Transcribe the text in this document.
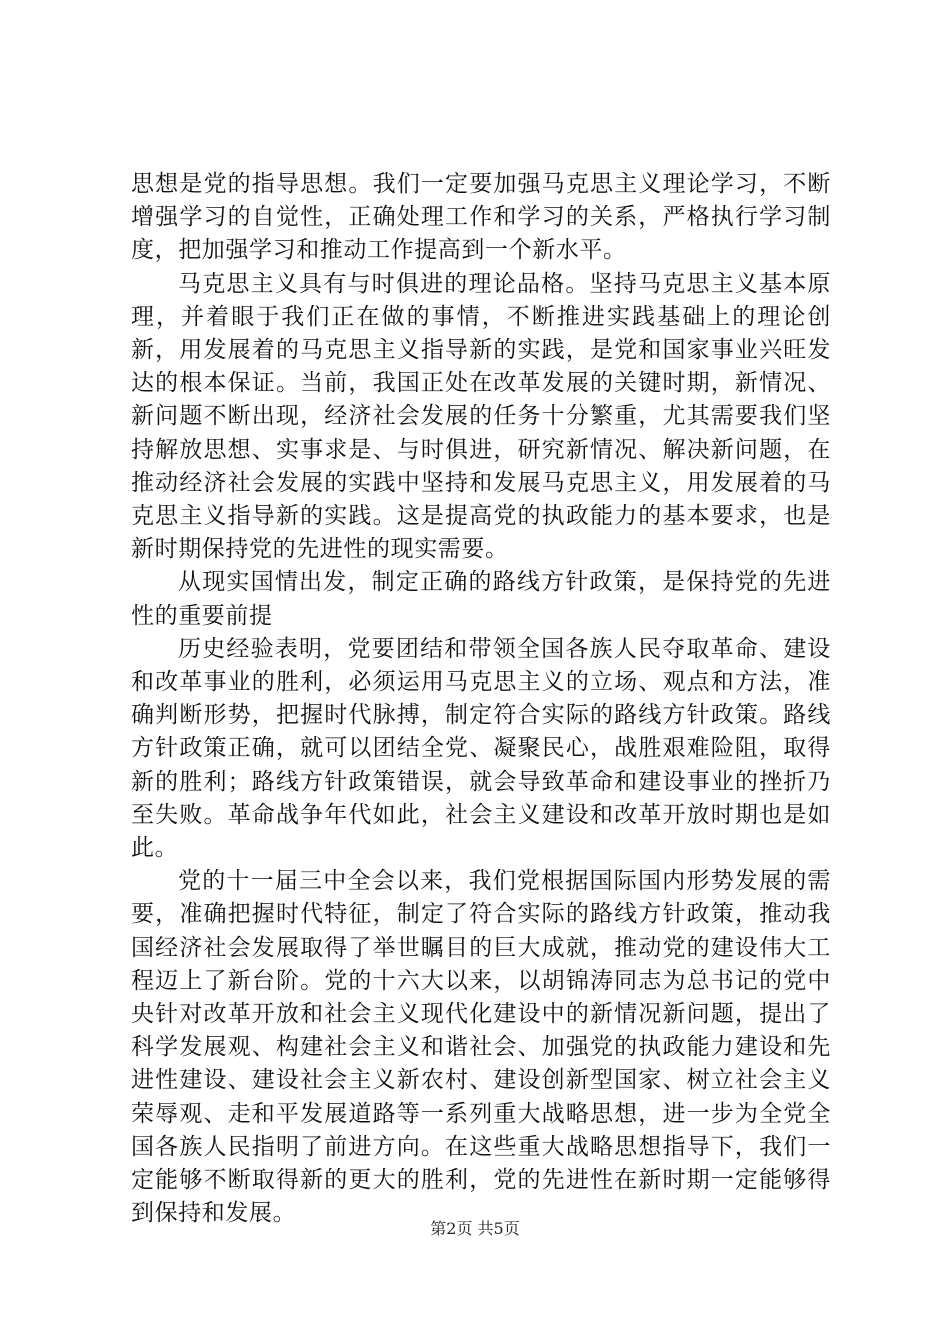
思想是党的指导思想。我们一定要加强马克思主义理论学习，不断增强学习的自觉性，正确处理工作和学习的关系，严格执行学习制度，把加强学习和推动工作提高到一个新水平。

马克思主义具有与时俱进的理论品格。坚持马克思主义基本原理，并着眼于我们正在做的事情，不断推进实践基础上的理论创新，用发展着的马克思主义指导新的实践，是党和国家事业兴旺发达的根本保证。当前，我国正处在改革发展的关键时期，新情况、新问题不断出现，经济社会发展的任务十分繁重，尤其需要我们坚持解放思想、实事求是、与时俱进，研究新情况、解决新问题，在推动经济社会发展的实践中坚持和发展马克思主义，用发展着的马克思主义指导新的实践。这是提高党的执政能力的基本要求，也是新时期保持党的先进性的现实需要。

从现实国情出发，制定正确的路线方针政策，是保持党的先进性的重要前提

历史经验表明，党要团结和带领全国各族人民夺取革命、建设和改革事业的胜利，必须运用马克思主义的立场、观点和方法，准确判断形势，把握时代脉搏，制定符合实际的路线方针政策。路线方针政策正确，就可以团结全党、凝聚民心，战胜艰难险阻，取得新的胜利；路线方针政策错误，就会导致革命和建设事业的挫折乃至失败。革命战争年代如此，社会主义建设和改革开放时期也是如此。

党的十一届三中全会以来，我们党根据国际国内形势发展的需要，准确把握时代特征，制定了符合实际的路线方针政策，推动我国经济社会发展取得了举世瞩目的巨大成就，推动党的建设伟大工程迈上了新台阶。党的十六大以来，以胡锦涛同志为总书记的党中央针对改革开放和社会主义现代化建设中的新情况新问题，提出了科学发展观、构建社会主义和谐社会、加强党的执政能力建设和先进性建设、建设社会主义新农村、建设创新型国家、树立社会主义荣辱观、走和平发展道路等一系列重大战略思想，进一步为全党全国各族人民指明了前进方向。在这些重大战略思想指导下，我们一定能够不断取得新的更大的胜利，党的先进性在新时期一定能够得到保持和发展。

第2页 共5页
